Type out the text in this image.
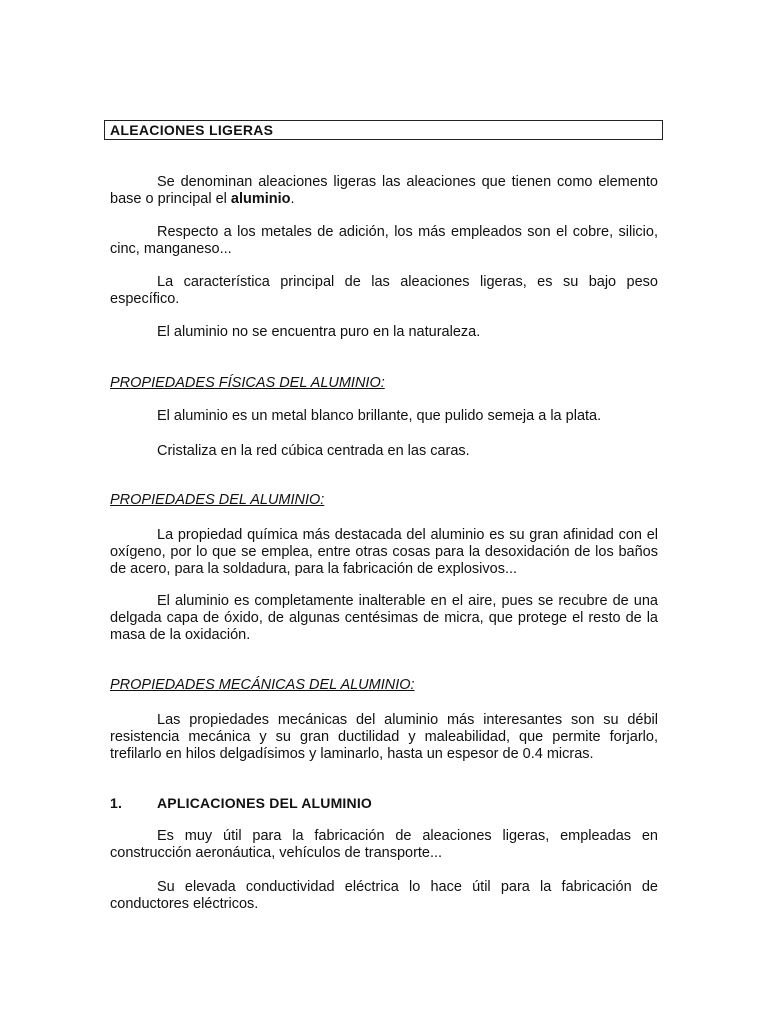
ALEACIONES LIGERAS

Se denominan aleaciones ligeras las aleaciones que tienen como elemento base o principal el aluminio.

Respecto a los metales de adición, los más empleados son el cobre, silicio, cinc, manganeso...

La característica principal de las aleaciones ligeras, es su bajo peso específico.

El aluminio no se encuentra puro en la naturaleza.

PROPIEDADES FÍSICAS DEL ALUMINIO:

El aluminio es un metal blanco brillante, que pulido semeja a la plata.

Cristaliza en la red cúbica centrada en las caras.

PROPIEDADES DEL ALUMINIO:

La propiedad química más destacada del aluminio es su gran afinidad con el oxígeno, por lo que se emplea, entre otras cosas para la desoxidación de los baños de acero, para la soldadura, para la fabricación de explosivos...

El aluminio es completamente inalterable en el aire, pues se recubre de una delgada capa de óxido, de algunas centésimas de micra, que protege el resto de la masa de la oxidación.

PROPIEDADES MECÁNICAS DEL ALUMINIO:

Las propiedades mecánicas del aluminio más interesantes son su débil resistencia mecánica y su gran ductilidad y maleabilidad, que permite forjarlo, trefilarlo en hilos delgadísimos y laminarlo, hasta un espesor de 0.4 micras.

1. APLICACIONES DEL ALUMINIO

Es muy útil para la fabricación de aleaciones ligeras, empleadas en construcción aeronáutica, vehículos de transporte...

Su elevada conductividad eléctrica lo hace útil para la fabricación de conductores eléctricos.
